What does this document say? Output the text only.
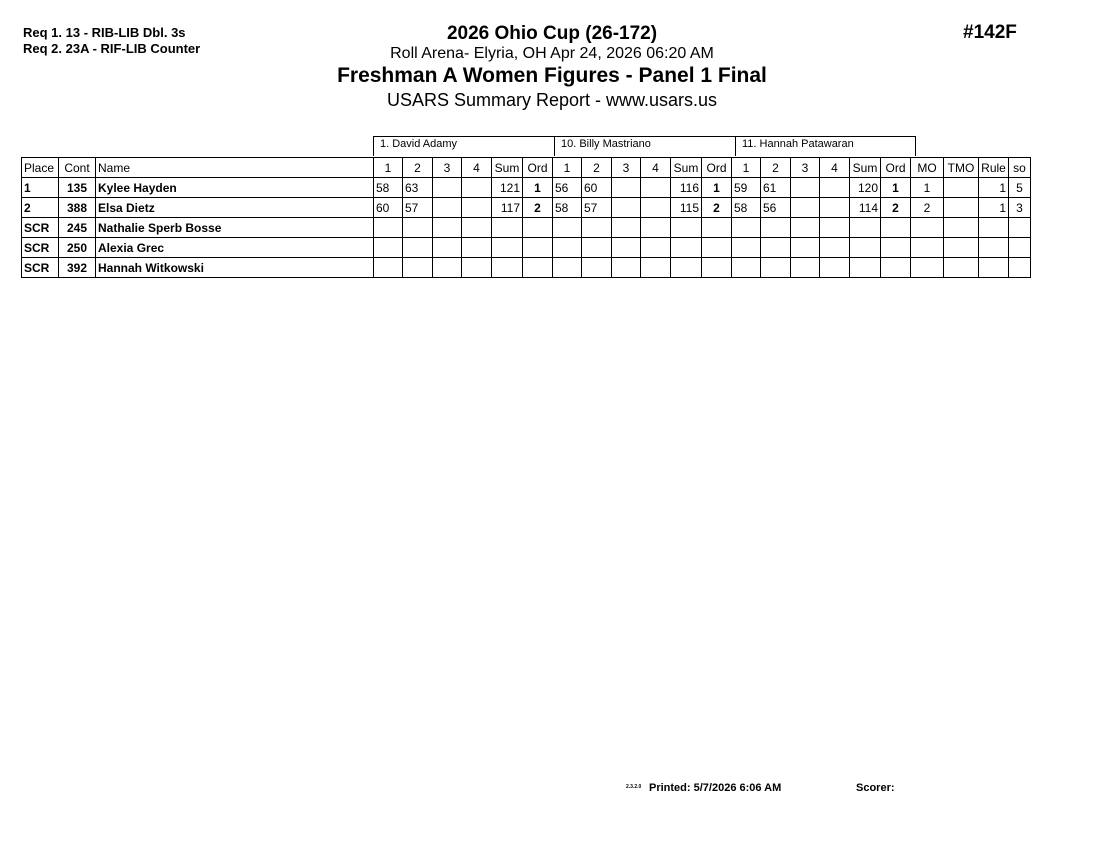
Req 1. 13 - RIB-LIB Dbl. 3s
Req 2. 23A - RIF-LIB Counter
#142F
2026 Ohio Cup (26-172)
Roll Arena- Elyria, OH Apr 24, 2026 06:20 AM
Freshman A Women Figures - Panel 1 Final
USARS Summary Report - www.usars.us
1. David Adamy	10. Billy Mastriano	11. Hannah Patawaran
Place	Cont	Name	1	2	3	4	Sum	Ord	1	2	3	4	Sum	Ord	1	2	3	4	Sum	Ord	MO	TMO	Rule	so
1	135	Kylee Hayden	58	63			121	1	56	60			116	1	59	61			120	1	1		1	5
2	388	Elsa Dietz	60	57			117	2	58	57			115	2	58	56			114	2	2		1	3
SCR	245	Nathalie Sperb Bosse																						
SCR	250	Alexia Grec																						
SCR	392	Hannah Witkowski																						
2.3.2.0 Printed: 5/7/2026 6:06 AM	Scorer:
